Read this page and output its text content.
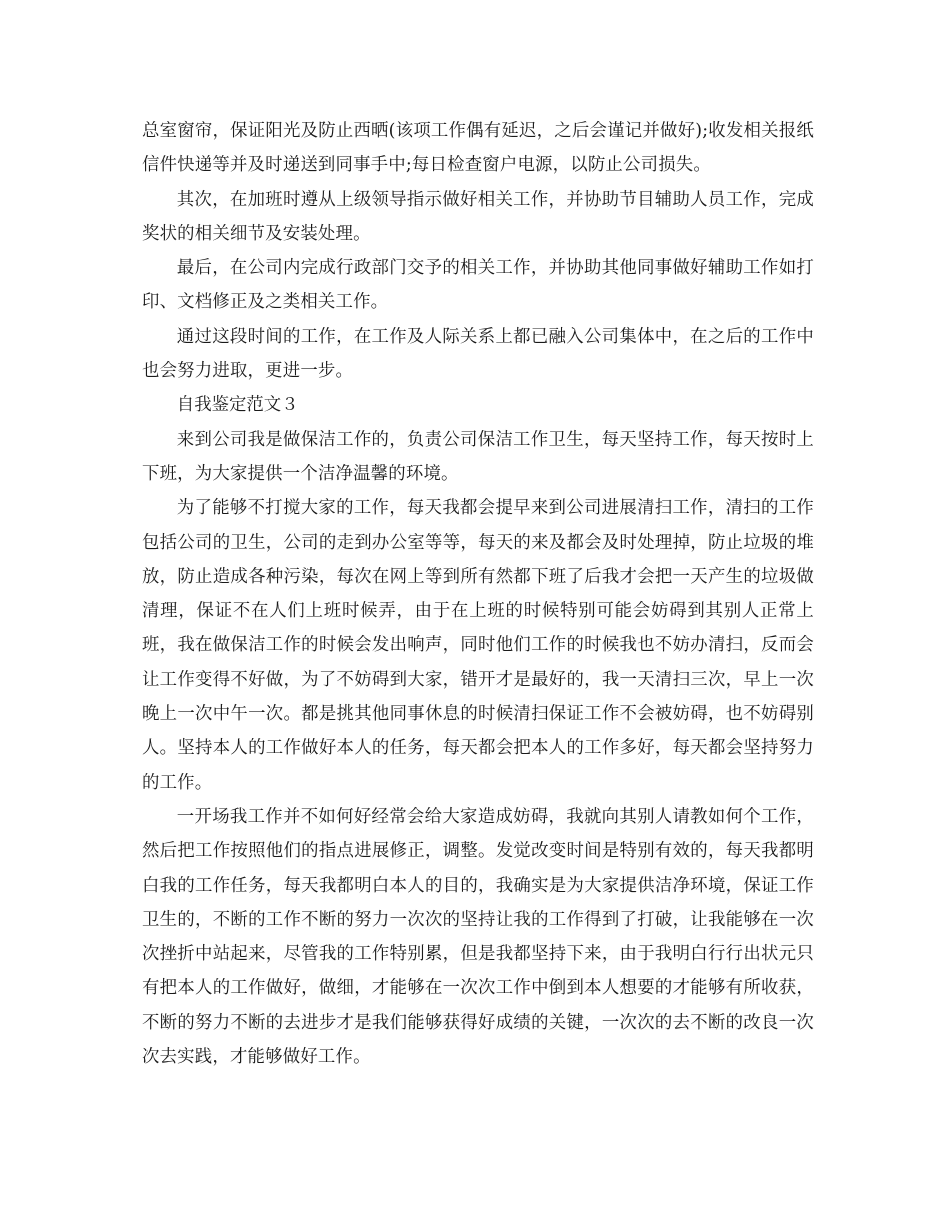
总室窗帘，保证阳光及防止西晒(该项工作偶有延迟，之后会谨记并做好);收发相关报纸信件快递等并及时递送到同事手中;每日检查窗户电源，以防止公司损失。

其次，在加班时遵从上级领导指示做好相关工作，并协助节目辅助人员工作，完成奖状的相关细节及安装处理。

最后，在公司内完成行政部门交予的相关工作，并协助其他同事做好辅助工作如打印、文档修正及之类相关工作。

通过这段时间的工作，在工作及人际关系上都已融入公司集体中，在之后的工作中也会努力进取，更进一步。

自我鉴定范文３

来到公司我是做保洁工作的，负责公司保洁工作卫生，每天坚持工作，每天按时上下班，为大家提供一个洁净温馨的环境。

为了能够不打搅大家的工作，每天我都会提早来到公司进展清扫工作，清扫的工作包括公司的卫生，公司的走到办公室等等，每天的来及都会及时处理掉，防止垃圾的堆放，防止造成各种污染，每次在网上等到所有然都下班了后我才会把一天产生的垃圾做清理，保证不在人们上班时候弄，由于在上班的时候特别可能会妨碍到其别人正常上班，我在做保洁工作的时候会发出响声，同时他们工作的时候我也不妨办清扫，反而会让工作变得不好做，为了不妨碍到大家，错开才是最好的，我一天清扫三次，早上一次晚上一次中午一次。都是挑其他同事休息的时候清扫保证工作不会被妨碍，也不妨碍别人。坚持本人的工作做好本人的任务，每天都会把本人的工作多好，每天都会坚持努力的工作。

一开场我工作并不如何好经常会给大家造成妨碍，我就向其别人请教如何个工作，然后把工作按照他们的指点进展修正，调整。发觉改变时间是特别有效的，每天我都明白我的工作任务，每天我都明白本人的目的，我确实是为大家提供洁净环境，保证工作卫生的，不断的工作不断的努力一次次的坚持让我的工作得到了打破，让我能够在一次次挫折中站起来，尽管我的工作特别累，但是我都坚持下来，由于我明白行行出状元只有把本人的工作做好，做细，才能够在一次次工作中倒到本人想要的才能够有所收获，不断的努力不断的去进步才是我们能够获得好成绩的关键，一次次的去不断的改良一次次去实践，才能够做好工作。
